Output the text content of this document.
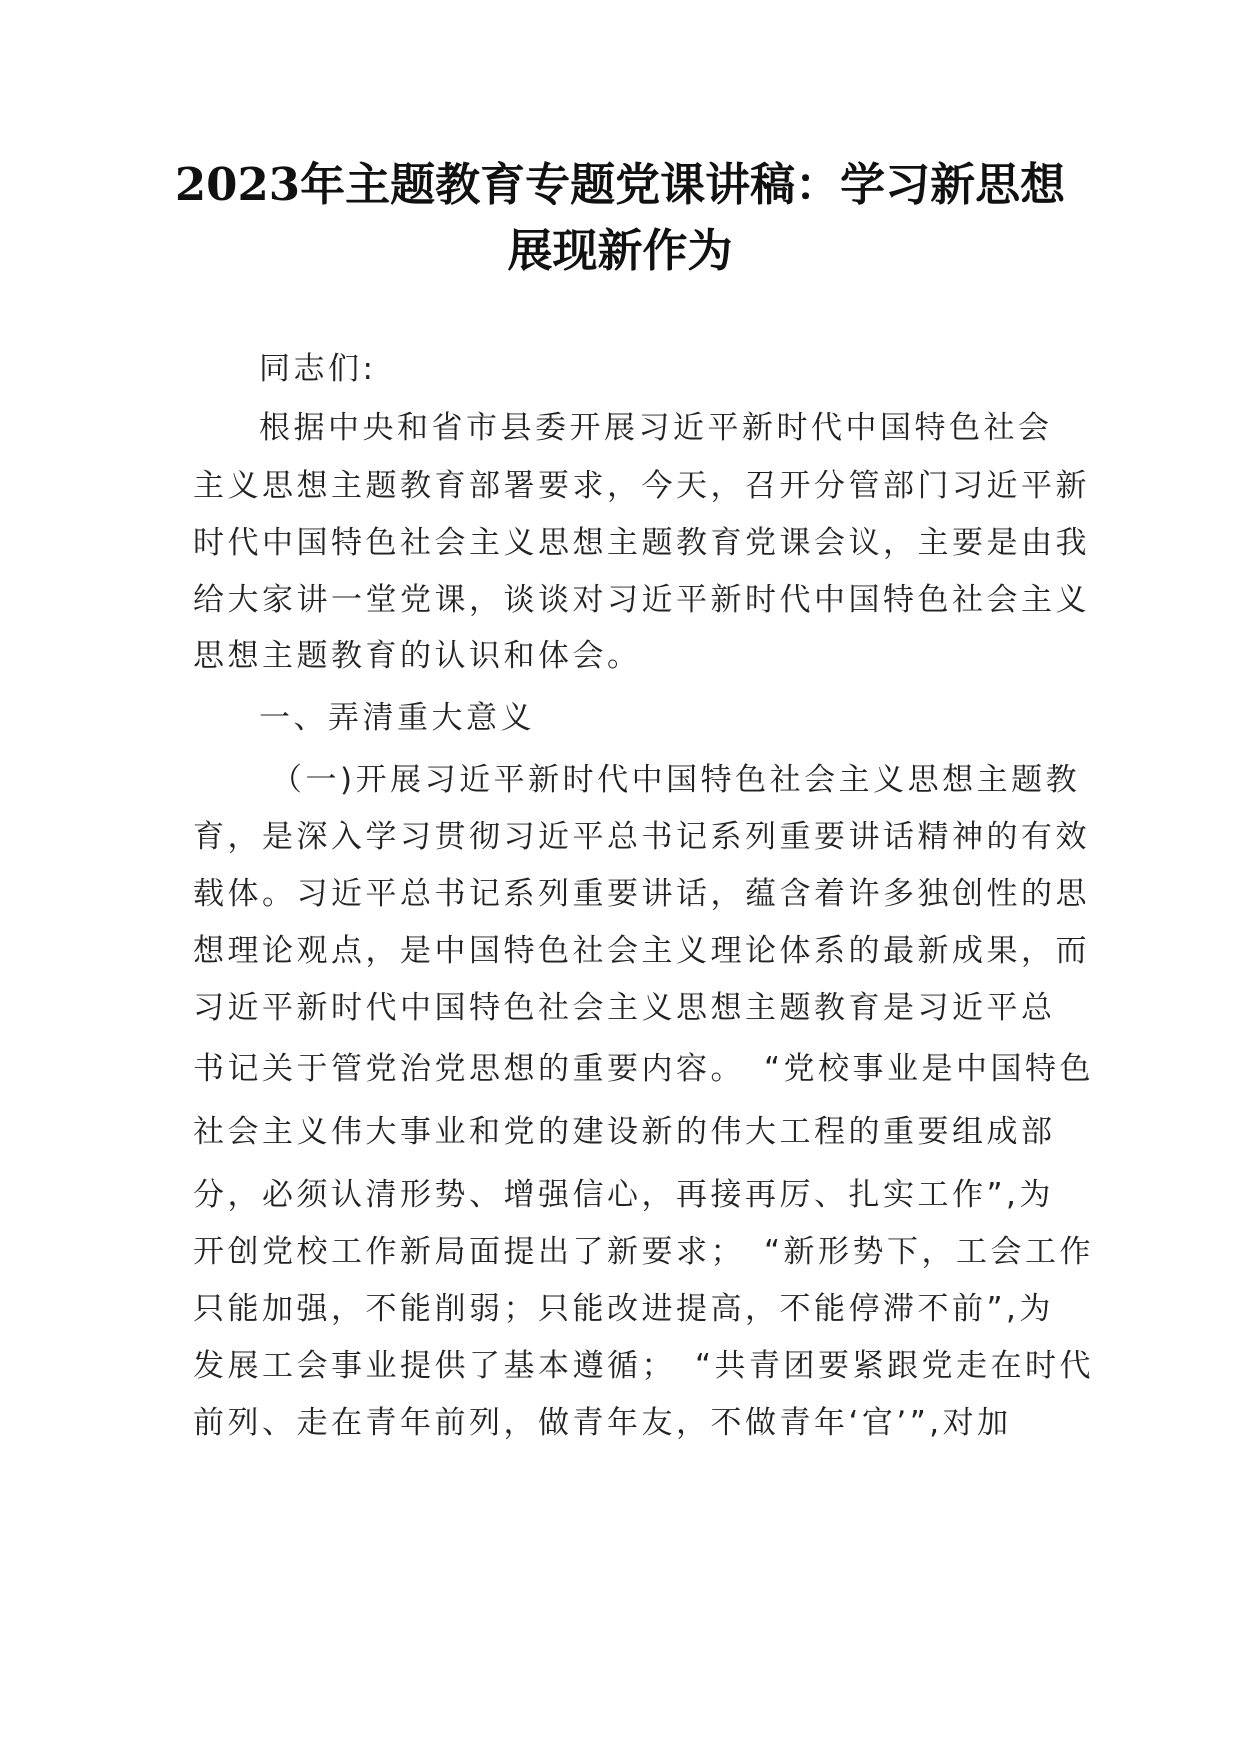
2023年主题教育专题党课讲稿：学习新思想
展现新作为
同志们:
根据中央和省市县委开展习近平新时代中国特色社会
主义思想主题教育部署要求，今天，召开分管部门习近平新
时代中国特色社会主义思想主题教育党课会议，主要是由我
给大家讲一堂党课，谈谈对习近平新时代中国特色社会主义
思想主题教育的认识和体会。
一、弄清重大意义
（一)开展习近平新时代中国特色社会主义思想主题教
育，是深入学习贯彻习近平总书记系列重要讲话精神的有效
载体。习近平总书记系列重要讲话，蕴含着许多独创性的思
想理论观点，是中国特色社会主义理论体系的最新成果，而
习近平新时代中国特色社会主义思想主题教育是习近平总
书记关于管党治党思想的重要内容。　“党校事业是中国特色
社会主义伟大事业和党的建设新的伟大工程的重要组成部
分，必须认清形势、增强信心，再接再厉、扎实工作”,为
开创党校工作新局面提出了新要求；　“新形势下，工会工作
只能加强，不能削弱；只能改进提高，不能停滞不前”,为
发展工会事业提供了基本遵循；　“共青团要紧跟党走在时代
前列、走在青年前列，做青年友，不做青年‘官’”,对加
